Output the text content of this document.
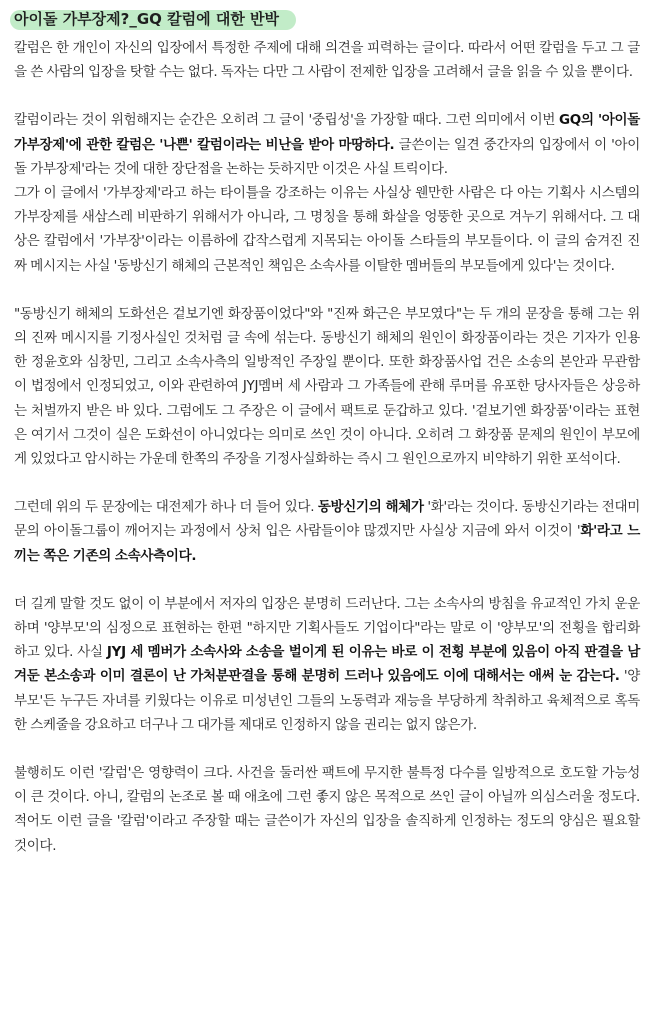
아이돌 가부장제?_GQ 칼럼에 대한 반박

칼럼은 한 개인이 자신의 입장에서 특정한 주제에 대해 의견을 피력하는 글이다. 따라서 어떤 칼럼을 두고 그 글을 쓴 사람의 입장을 탓할 수는 없다. 독자는 다만 그 사람이 전제한 입장을 고려해서 글을 읽을 수 있을 뿐이다.

칼럼이라는 것이 위험해지는 순간은 오히려 그 글이 '중립성'을 가장할 때다. 그런 의미에서 이번 GQ의 '아이돌 가부장제'에 관한 칼럼은 '나쁜' 칼럼이라는 비난을 받아 마땅하다. 글쓴이는 일견 중간자의 입장에서 이 '아이돌 가부장제'라는 것에 대한 장단점을 논하는 듯하지만 이것은 사실 트릭이다.

그가 이 글에서 '가부장제'라고 하는 타이틀을 강조하는 이유는 사실상 웬만한 사람은 다 아는 기획사 시스템의 가부장제를 새삼스레 비판하기 위해서가 아니라, 그 명칭을 통해 화살을 엉뚱한 곳으로 겨누기 위해서다. 그 대상은 칼럼에서 '가부장'이라는 이름하에 갑작스럽게 지목되는 아이돌 스타들의 부모들이다. 이 글의 숨겨진 진짜 메시지는 사실 '동방신기 해체의 근본적인 책임은 소속사를 이탈한 멤버들의 부모들에게 있다'는 것이다.

"동방신기 해체의 도화선은 겉보기엔 화장품이었다"와 "진짜 화근은 부모였다"는 두 개의 문장을 통해 그는 위의 진짜 메시지를 기정사실인 것처럼 글 속에 섞는다. 동방신기 해체의 원인이 화장품이라는 것은 기자가 인용한 정윤호와 심창민, 그리고 소속사측의 일방적인 주장일 뿐이다. 또한 화장품사업 건은 소송의 본안과 무관함이 법정에서 인정되었고, 이와 관련하여 JYJ멤버 세 사람과 그 가족들에 관해 루머를 유포한 당사자들은 상응하는 처벌까지 받은 바 있다. 그럼에도 그 주장은 이 글에서 팩트로 둔갑하고 있다. '겉보기엔 화장품'이라는 표현은 여기서 그것이 실은 도화선이 아니었다는 의미로 쓰인 것이 아니다. 오히려 그 화장품 문제의 원인이 부모에게 있었다고 암시하는 가운데 한쪽의 주장을 기정사실화하는 즉시 그 원인으로까지 비약하기 위한 포석이다.

그런데 위의 두 문장에는 대전제가 하나 더 들어 있다. 동방신기의 해체가 '화'라는 것이다. 동방신기라는 전대미문의 아이돌그룹이 깨어지는 과정에서 상처 입은 사람들이야 많겠지만 사실상 지금에 와서 이것이 '화'라고 느끼는 쪽은 기존의 소속사측이다.

더 길게 말할 것도 없이 이 부분에서 저자의 입장은 분명히 드러난다. 그는 소속사의 방침을 유교적인 가치 운운하며 '양부모'의 심정으로 표현하는 한편 "하지만 기획사들도 기업이다"라는 말로 이 '양부모'의 전횡을 합리화하고 있다. 사실 JYJ 세 멤버가 소속사와 소송을 벌이게 된 이유는 바로 이 전횡 부분에 있음이 아직 판결을 남겨둔 본소송과 이미 결론이 난 가처분판결을 통해 분명히 드러나 있음에도 이에 대해서는 애써 눈 감는다. '양부모'든 누구든 자녀를 키웠다는 이유로 미성년인 그들의 노동력과 재능을 부당하게 착취하고 육체적으로 혹독한 스케줄을 강요하고 더구나 그 대가를 제대로 인정하지 않을 권리는 없지 않은가.

불행히도 이런 '칼럼'은 영향력이 크다. 사건을 둘러싼 팩트에 무지한 불특정 다수를 일방적으로 호도할 가능성이 큰 것이다. 아니, 칼럼의 논조로 볼 때 애초에 그런 좋지 않은 목적으로 쓰인 글이 아닐까 의심스러울 정도다. 적어도 이런 글을 '칼럼'이라고 주장할 때는 글쓴이가 자신의 입장을 솔직하게 인정하는 정도의 양심은 필요할 것이다.
